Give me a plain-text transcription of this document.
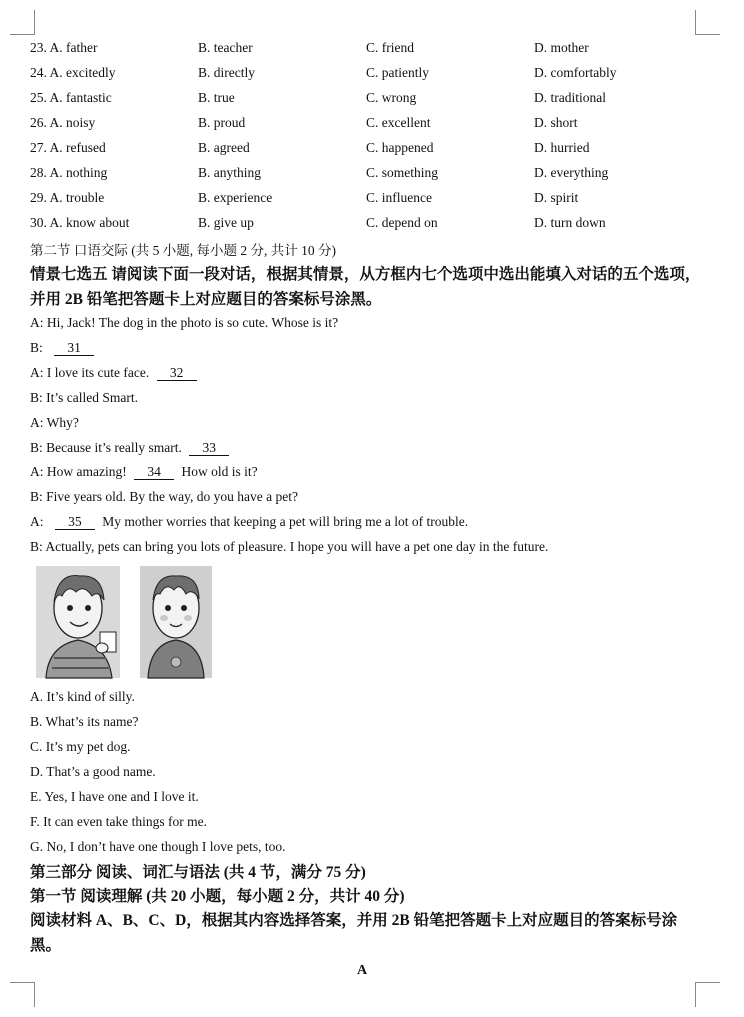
23. A. father	B. teacher	C. friend	D. mother
24. A. excitedly	B. directly	C. patiently	D. comfortably
25. A. fantastic	B. true	C. wrong	D. traditional
26. A. noisy	B. proud	C. excellent	D. short
27. A. refused	B. agreed	C. happened	D. hurried
28. A. nothing	B. anything	C. something	D. everything
29. A. trouble	B. experience	C. influence	D. spirit
30. A. know about	B. give up	C. depend on	D. turn down
第二节 口语交际 (共 5 小题, 每小题 2 分, 共计 10 分)
情景七选五 请阅读下面一段对话，根据其情景，从方框内七个选项中选出能填入对话的五个选项，并用 2B 铅笔把答题卡上对应题目的答案标号涂黑。
A: Hi, Jack! The dog in the photo is so cute. Whose is it?
B: 31
A: I love its cute face. 32
B: It’s called Smart.
A: Why?
B: Because it’s really smart. 33
A: How amazing! 34 How old is it?
B: Five years old. By the way, do you have a pet?
A: 35 My mother worries that keeping a pet will bring me a lot of trouble.
B: Actually, pets can bring you lots of pleasure. I hope you will have a pet one day in the future.
A. It’s kind of silly.
B. What’s its name?
C. It’s my pet dog.
D. That’s a good name.
E. Yes, I have one and I love it.
F. It can even take things for me.
G. No, I don’t have one though I love pets, too.
第三部分 阅读、词汇与语法 (共 4 节，满分 75 分)
第一节 阅读理解 (共 20 小题，每小题 2 分，共计 40 分)
阅读材料 A、B、C、D，根据其内容选择答案，并用 2B 铅笔把答题卡上对应题目的答案标号涂黑。
A
